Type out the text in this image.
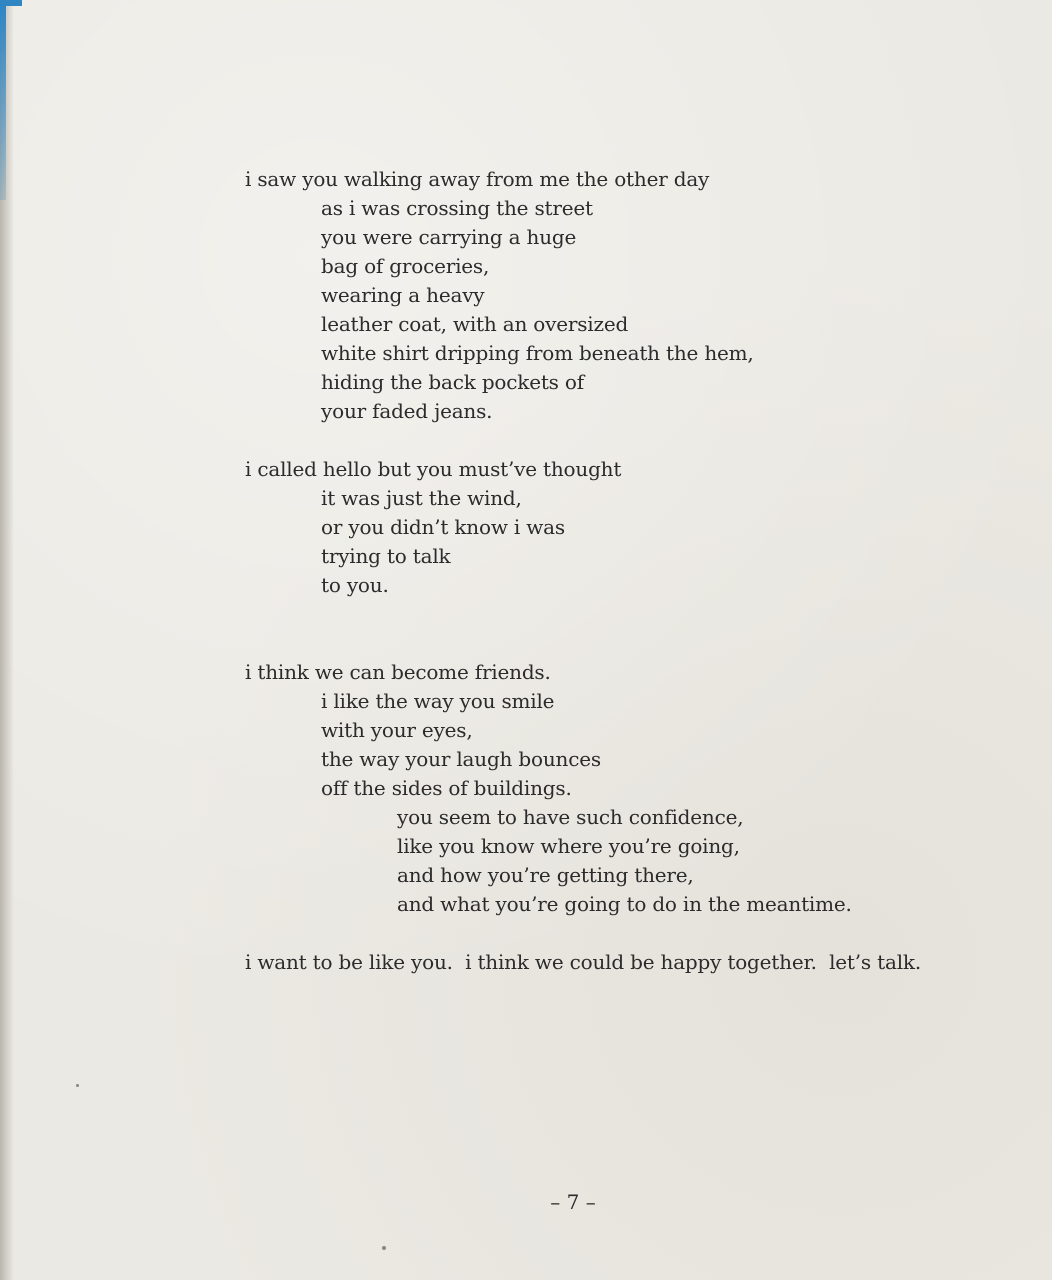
i saw you walking away from me the other day
as i was crossing the street
you were carrying a huge
bag of groceries,
wearing a heavy
leather coat, with an oversized
white shirt dripping from beneath the hem,
hiding the back pockets of
your faded jeans.
i called hello but you must’ve thought
it was just the wind,
or you didn’t know i was
trying to talk
to you.
i think we can become friends.
i like the way you smile
with your eyes,
the way your laugh bounces
off the sides of buildings.
you seem to have such confidence,
like you know where you’re going,
and how you’re getting there,
and what you’re going to do in the meantime.
i want to be like you.  i think we could be happy together.  let’s talk.
– 7 –
